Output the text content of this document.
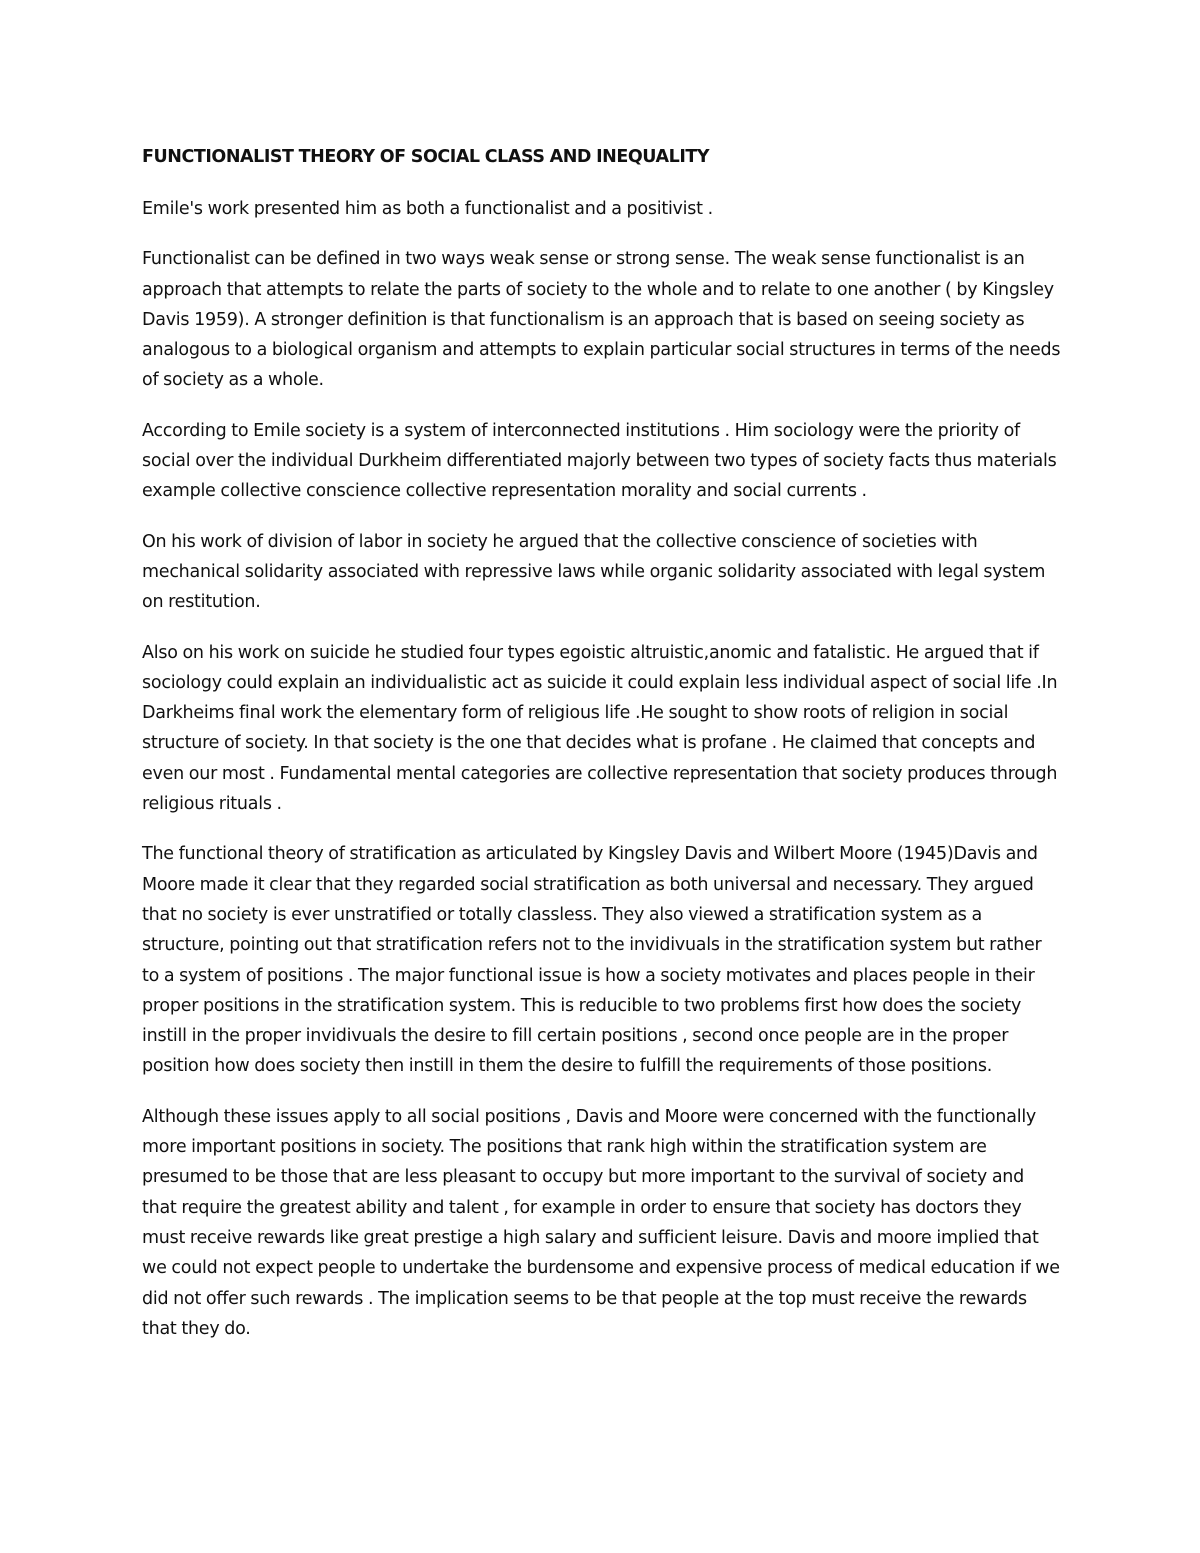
FUNCTIONALIST THEORY OF SOCIAL CLASS AND INEQUALITY

Emile's work presented him as both a functionalist and a positivist .

Functionalist can be defined in two ways weak sense or strong sense. The weak sense functionalist is an approach that attempts to relate the parts of society to the whole and to relate to one another ( by Kingsley Davis 1959). A stronger definition is that functionalism is an approach that is based on seeing society as analogous to a biological organism and attempts to explain particular social structures in terms of the needs of society as a whole.

According to Emile society is a system of interconnected institutions . Him sociology were the priority of social over the individual Durkheim differentiated majorly between two types of society facts thus materials example collective conscience collective representation morality and social currents .

On his work of division of labor in society he argued that the collective conscience of societies with mechanical solidarity associated with repressive laws while organic solidarity associated with legal system on restitution.

Also on his work on suicide he studied four types egoistic altruistic,anomic and fatalistic. He argued that if sociology could explain an individualistic act as suicide it could explain less individual aspect of social life .In Darkheims final work the elementary form of religious life .He sought to show roots of religion in social structure of society. In that society is the one that decides what is profane . He claimed that concepts and even our most . Fundamental mental categories are collective representation that society produces through religious rituals .

The functional theory of stratification as articulated by Kingsley Davis and Wilbert Moore (1945)Davis and Moore made it clear that they regarded social stratification as both universal and necessary. They argued that no society is ever unstratified or totally classless. They also viewed a stratification system as a structure, pointing out that stratification refers not to the invidivuals in the stratification system but rather to a system of positions . The major functional issue is how a society motivates and places people in their proper positions in the stratification system. This is reducible to two problems first how does the society instill in the proper invidivuals the desire to fill certain positions , second once people are in the proper position how does society then instill in them the desire to fulfill the requirements of those positions.

Although these issues apply to all social positions , Davis and Moore were concerned with the functionally more important positions in society. The positions that rank high within the stratification system are presumed to be those that are less pleasant to occupy but more important to the survival of society and that require the greatest ability and talent , for example in order to ensure that society has doctors they must receive rewards like great prestige a high salary and sufficient leisure. Davis and moore implied that we could not expect people to undertake the burdensome and expensive process of medical education if we did not offer such rewards . The implication seems to be that people at the top must receive the rewards that they do.
